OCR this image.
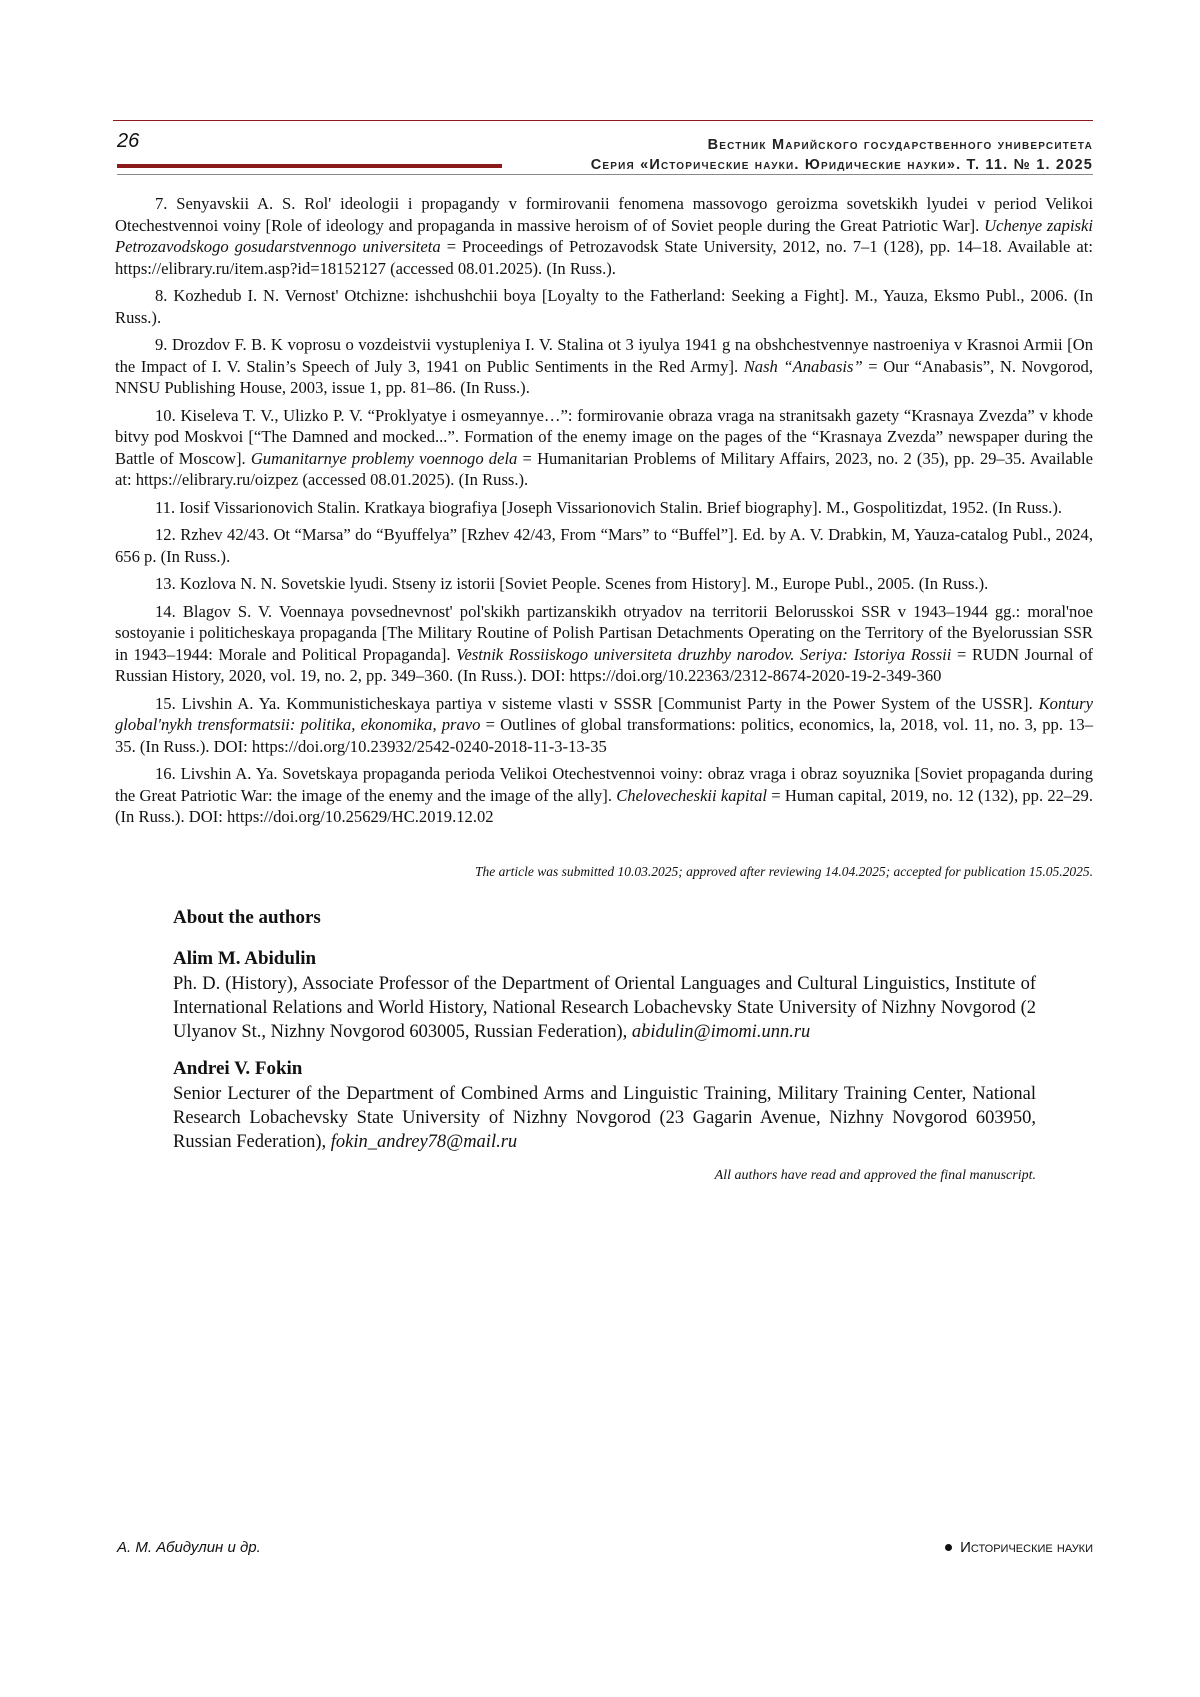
26	Вестник Марийского государственного университета
Серия «Исторические науки. Юридические науки». Т. 11. № 1. 2025

7. Senyavskii A. S. Rol' ideologii i propagandy v formirovanii fenomena massovogo geroizma sovetskikh lyudei v period Velikoi Otechestvennoi voiny [Role of ideology and propaganda in massive heroism of of Soviet people during the Great Patriotic War]. Uchenye zapiski Petrozavodskogo gosudarstvennogo universiteta = Proceedings of Petrozavodsk State University, 2012, no. 7–1 (128), pp. 14–18. Available at: https://elibrary.ru/item.asp?id=18152127 (accessed 08.01.2025). (In Russ.).

8. Kozhedub I. N. Vernost' Otchizne: ishchushchii boya [Loyalty to the Fatherland: Seeking a Fight]. M., Yauza, Eksmo Publ., 2006. (In Russ.).

9. Drozdov F. B. K voprosu o vozdeistvii vystupleniya I. V. Stalina ot 3 iyulya 1941 g na obshchestvennye nastroeniya v Krasnoi Armii [On the Impact of I. V. Stalin’s Speech of July 3, 1941 on Public Sentiments in the Red Army]. Nash “Anabasis” = Our “Anabasis”, N. Novgorod, NNSU Publishing House, 2003, issue 1, pp. 81–86. (In Russ.).

10. Kiseleva T. V., Ulizko P. V. “Proklyatye i osmeyannye…”: formirovanie obraza vraga na stranitsakh gazety “Krasnaya Zvezda” v khode bitvy pod Moskvoi [“The Damned and mocked...”. Formation of the enemy image on the pages of the “Krasnaya Zvezda” newspaper during the Battle of Moscow]. Gumanitarnye problemy voennogo dela = Humanitarian Problems of Military Affairs, 2023, no. 2 (35), pp. 29–35. Available at: https://elibrary.ru/oizpez (accessed 08.01.2025). (In Russ.).

11. Iosif Vissarionovich Stalin. Kratkaya biografiya [Joseph Vissarionovich Stalin. Brief biography]. M., Gospolitizdat, 1952. (In Russ.).

12. Rzhev 42/43. Ot “Marsa” do “Byuffelya” [Rzhev 42/43, From “Mars” to “Buffel”]. Ed. by A. V. Drabkin, M, Yauza-catalog Publ., 2024, 656 p. (In Russ.).

13. Kozlova N. N. Sovetskie lyudi. Stseny iz istorii [Soviet People. Scenes from History]. M., Europe Publ., 2005. (In Russ.).

14. Blagov S. V. Voennaya povsednevnost' pol'skikh partizanskikh otryadov na territorii Belorusskoi SSR v 1943–1944 gg.: moral'noe sostoyanie i politicheskaya propaganda [The Military Routine of Polish Partisan Detachments Operating on the Territory of the Byelorussian SSR in 1943–1944: Morale and Political Propaganda]. Vestnik Rossiiskogo universiteta druzhby narodov. Seriya: Istoriya Rossii = RUDN Journal of Russian History, 2020, vol. 19, no. 2, pp. 349–360. (In Russ.). DOI: https://doi.org/10.22363/2312-8674-2020-19-2-349-360

15. Livshin A. Ya. Kommunisticheskaya partiya v sisteme vlasti v SSSR [Communist Party in the Power System of the USSR]. Kontury global'nykh trensformatsii: politika, ekonomika, pravo = Outlines of global transformations: politics, economics, la, 2018, vol. 11, no. 3, pp. 13–35. (In Russ.). DOI: https://doi.org/10.23932/2542-0240-2018-11-3-13-35

16. Livshin A. Ya. Sovetskaya propaganda perioda Velikoi Otechestvennoi voiny: obraz vraga i obraz soyuznika [Soviet propaganda during the Great Patriotic War: the image of the enemy and the image of the ally]. Chelovecheskii kapital = Human capital, 2019, no. 12 (132), pp. 22–29. (In Russ.). DOI: https://doi.org/10.25629/HC.2019.12.02

The article was submitted 10.03.2025; approved after reviewing 14.04.2025; accepted for publication 15.05.2025.
About the authors
Alim M. Abidulin
Ph. D. (History), Associate Professor of the Department of Oriental Languages and Cultural Linguistics, Institute of International Relations and World History, National Research Lobachevsky State University of Nizhny Novgorod (2 Ulyanov St., Nizhny Novgorod 603005, Russian Federation), abidulin@imomi.unn.ru
Andrei V. Fokin
Senior Lecturer of the Department of Combined Arms and Linguistic Training, Military Training Center, National Research Lobachevsky State University of Nizhny Novgorod (23 Gagarin Avenue, Nizhny Novgorod 603950, Russian Federation), fokin_andrey78@mail.ru
All authors have read and approved the final manuscript.
А. М. Абидулин и др.	Исторические науки
